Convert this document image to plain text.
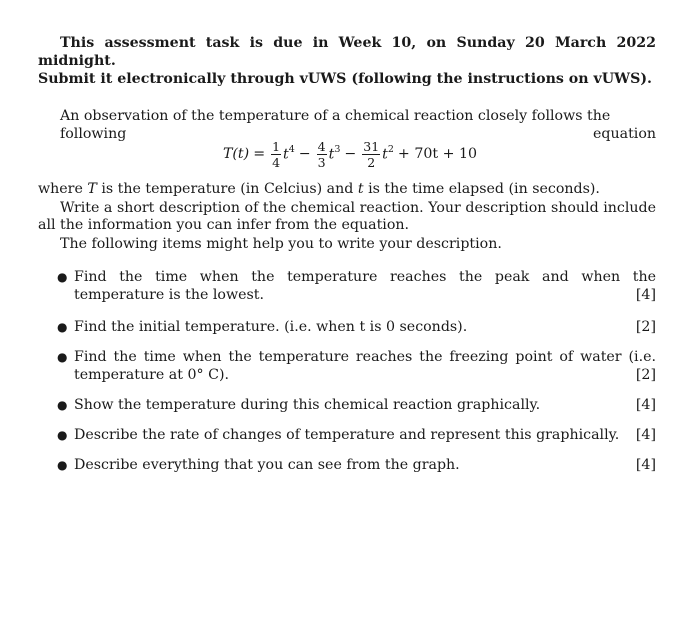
This assessment task is due in Week 10, on Sunday 20 March 2022 midnight.
Submit it electronically through vUWS (following the instructions on vUWS).
An observation of the temperature of a chemical reaction closely follows the following equation
$T(t) = \frac{1}{4} t^4 - \frac{4}{3} t^3 - \frac{31}{2} t^2 + 70t + 10$
where T is the temperature (in Celcius) and t is the time elapsed (in seconds).
Write a short description of the chemical reaction. Your description should include all the information you can infer from the equation.
The following items might help you to write your description.
● Find the time when the temperature reaches the peak and when the temperature is the lowest.	[4]
● Find the initial temperature. (i.e. when t is 0 seconds).	[2]
● Find the time when the temperature reaches the freezing point of water (i.e. temperature at 0° C).	[2]
● Show the temperature during this chemical reaction graphically.	[4]
● Describe the rate of changes of temperature and represent this graphically.	[4]
● Describe everything that you can see from the graph.	[4]
